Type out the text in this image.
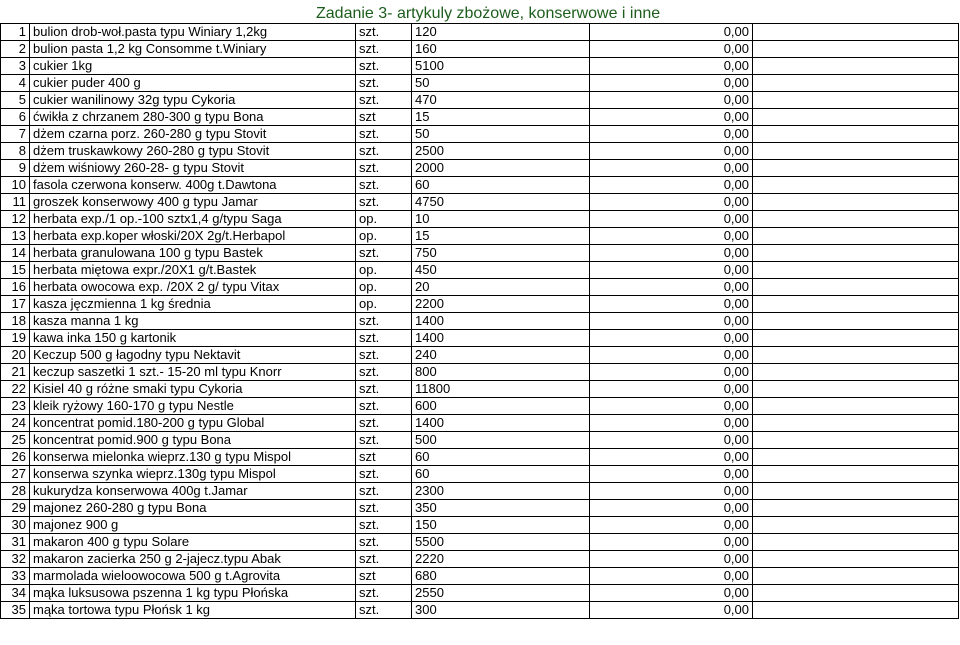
Zadanie 3- artykuly zbożowe, konserwowe i inne
1	bulion drob-woł.pasta typu Winiary 1,2kg	szt.	120	0,00	
2	bulion pasta 1,2 kg Consomme t.Winiary	szt.	160	0,00	
3	cukier 1kg	szt.	5100	0,00	
4	cukier puder 400 g	szt.	50	0,00	
5	cukier wanilinowy 32g typu Cykoria	szt.	470	0,00	
6	ćwikła z chrzanem 280-300 g typu Bona	szt	15	0,00	
7	dżem czarna porz. 260-280 g typu Stovit	szt.	50	0,00	
8	dżem truskawkowy 260-280 g typu Stovit	szt.	2500	0,00	
9	dżem wiśniowy 260-28- g typu Stovit	szt.	2000	0,00	
10	fasola czerwona konserw. 400g t.Dawtona	szt.	60	0,00	
11	groszek konserwowy 400 g typu Jamar	szt.	4750	0,00	
12	herbata exp./1 op.-100 sztx1,4 g/typu Saga	op.	10	0,00	
13	herbata exp.koper włoski/20X 2g/t.Herbapol	op.	15	0,00	
14	herbata granulowana 100 g typu Bastek	szt.	750	0,00	
15	herbata miętowa expr./20X1 g/t.Bastek	op.	450	0,00	
16	herbata owocowa exp. /20X 2 g/ typu Vitax	op.	20	0,00	
17	kasza jęczmienna 1 kg średnia	op.	2200	0,00	
18	kasza manna 1 kg	szt.	1400	0,00	
19	kawa inka 150 g kartonik	szt.	1400	0,00	
20	Keczup 500 g łagodny typu Nektavit	szt.	240	0,00	
21	keczup saszetki 1 szt.- 15-20 ml typu Knorr	szt.	800	0,00	
22	Kisiel 40 g różne smaki typu Cykoria	szt.	11800	0,00	
23	kleik ryżowy 160-170 g typu Nestle	szt.	600	0,00	
24	koncentrat pomid.180-200 g typu Global	szt.	1400	0,00	
25	koncentrat pomid.900 g typu Bona	szt.	500	0,00	
26	konserwa mielonka wieprz.130 g typu Mispol	szt	60	0,00	
27	konserwa szynka wieprz.130g typu Mispol	szt.	60	0,00	
28	kukurydza konserwowa 400g t.Jamar	szt.	2300	0,00	
29	majonez 260-280 g typu Bona	szt.	350	0,00	
30	majonez 900 g	szt.	150	0,00	
31	makaron 400 g typu Solare	szt.	5500	0,00	
32	makaron zacierka 250 g 2-jajecz.typu Abak	szt.	2220	0,00	
33	marmolada wieloowocowa 500 g t.Agrovita	szt	680	0,00	
34	mąka luksusowa pszenna 1 kg typu Płońska	szt.	2550	0,00	
35	mąka tortowa typu Płońsk 1 kg	szt.	300	0,00	
